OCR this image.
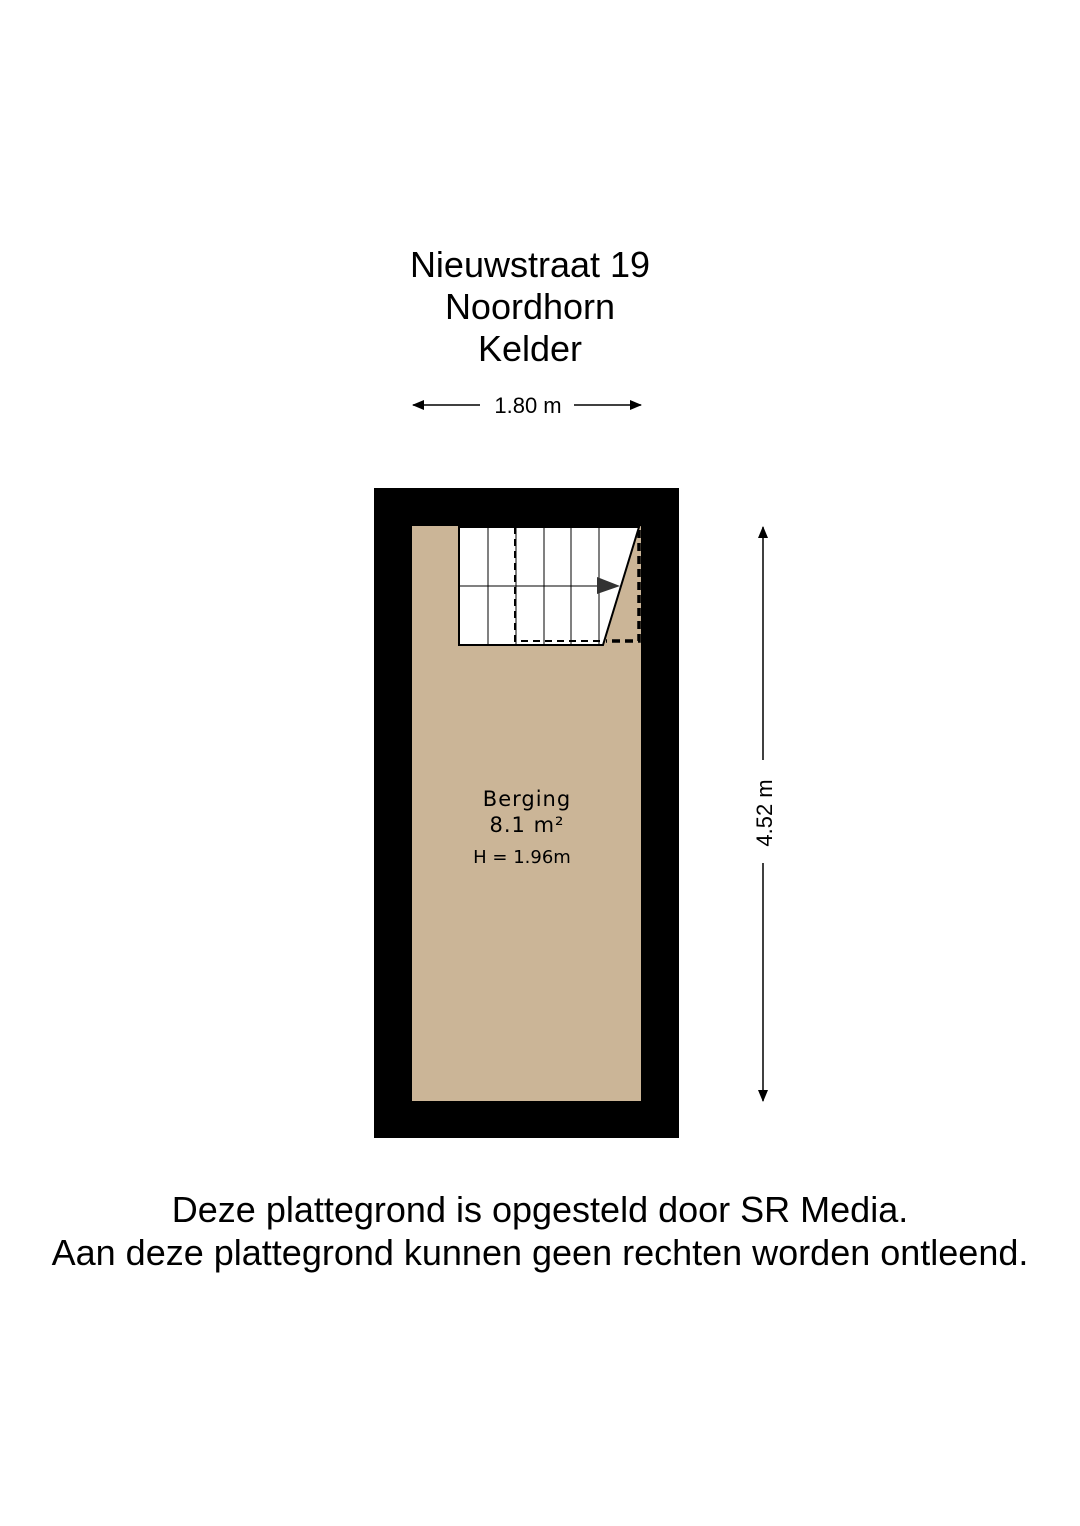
Nieuwstraat 19
Noordhorn
Kelder
1.80 m
4.52 m
Berging
8.1 m²
H = 1.96m
Deze plattegrond is opgesteld door SR Media.
Aan deze plattegrond kunnen geen rechten worden ontleend.
